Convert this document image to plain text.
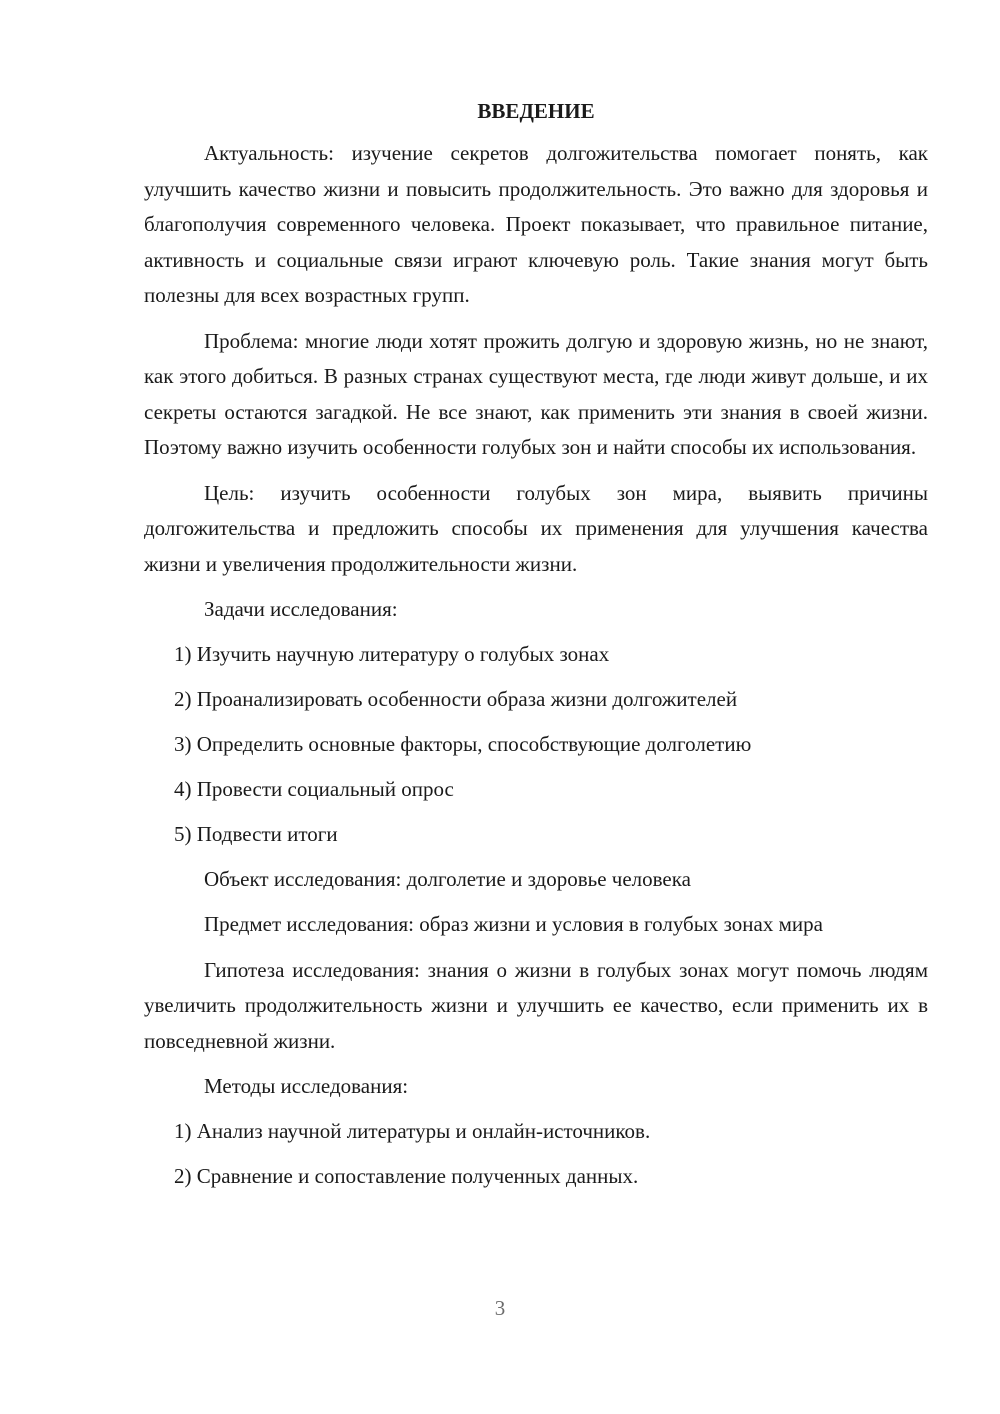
ВВЕДЕНИЕ

Актуальность: изучение секретов долгожительства помогает понять, как улучшить качество жизни и повысить продолжительность. Это важно для здоровья и благополучия современного человека. Проект показывает, что правильное питание, активность и социальные связи играют ключевую роль. Такие знания могут быть полезны для всех возрастных групп.

Проблема: многие люди хотят прожить долгую и здоровую жизнь, но не знают, как этого добиться. В разных странах существуют места, где люди живут дольше, и их секреты остаются загадкой. Не все знают, как применить эти знания в своей жизни. Поэтому важно изучить особенности голубых зон и найти способы их использования.

Цель: изучить особенности голубых зон мира, выявить причины долгожительства и предложить способы их применения для улучшения качества жизни и увеличения продолжительности жизни.

Задачи исследования:

1) Изучить научную литературу о голубых зонах
2) Проанализировать особенности образа жизни долгожителей
3) Определить основные факторы, способствующие долголетию
4) Провести социальный опрос
5) Подвести итоги

Объект исследования: долголетие и здоровье человека

Предмет исследования: образ жизни и условия в голубых зонах мира

Гипотеза исследования: знания о жизни в голубых зонах могут помочь людям увеличить продолжительность жизни и улучшить ее качество, если применить их в повседневной жизни.

Методы исследования:

1) Анализ научной литературы и онлайн-источников.
2) Сравнение и сопоставление полученных данных.
3
